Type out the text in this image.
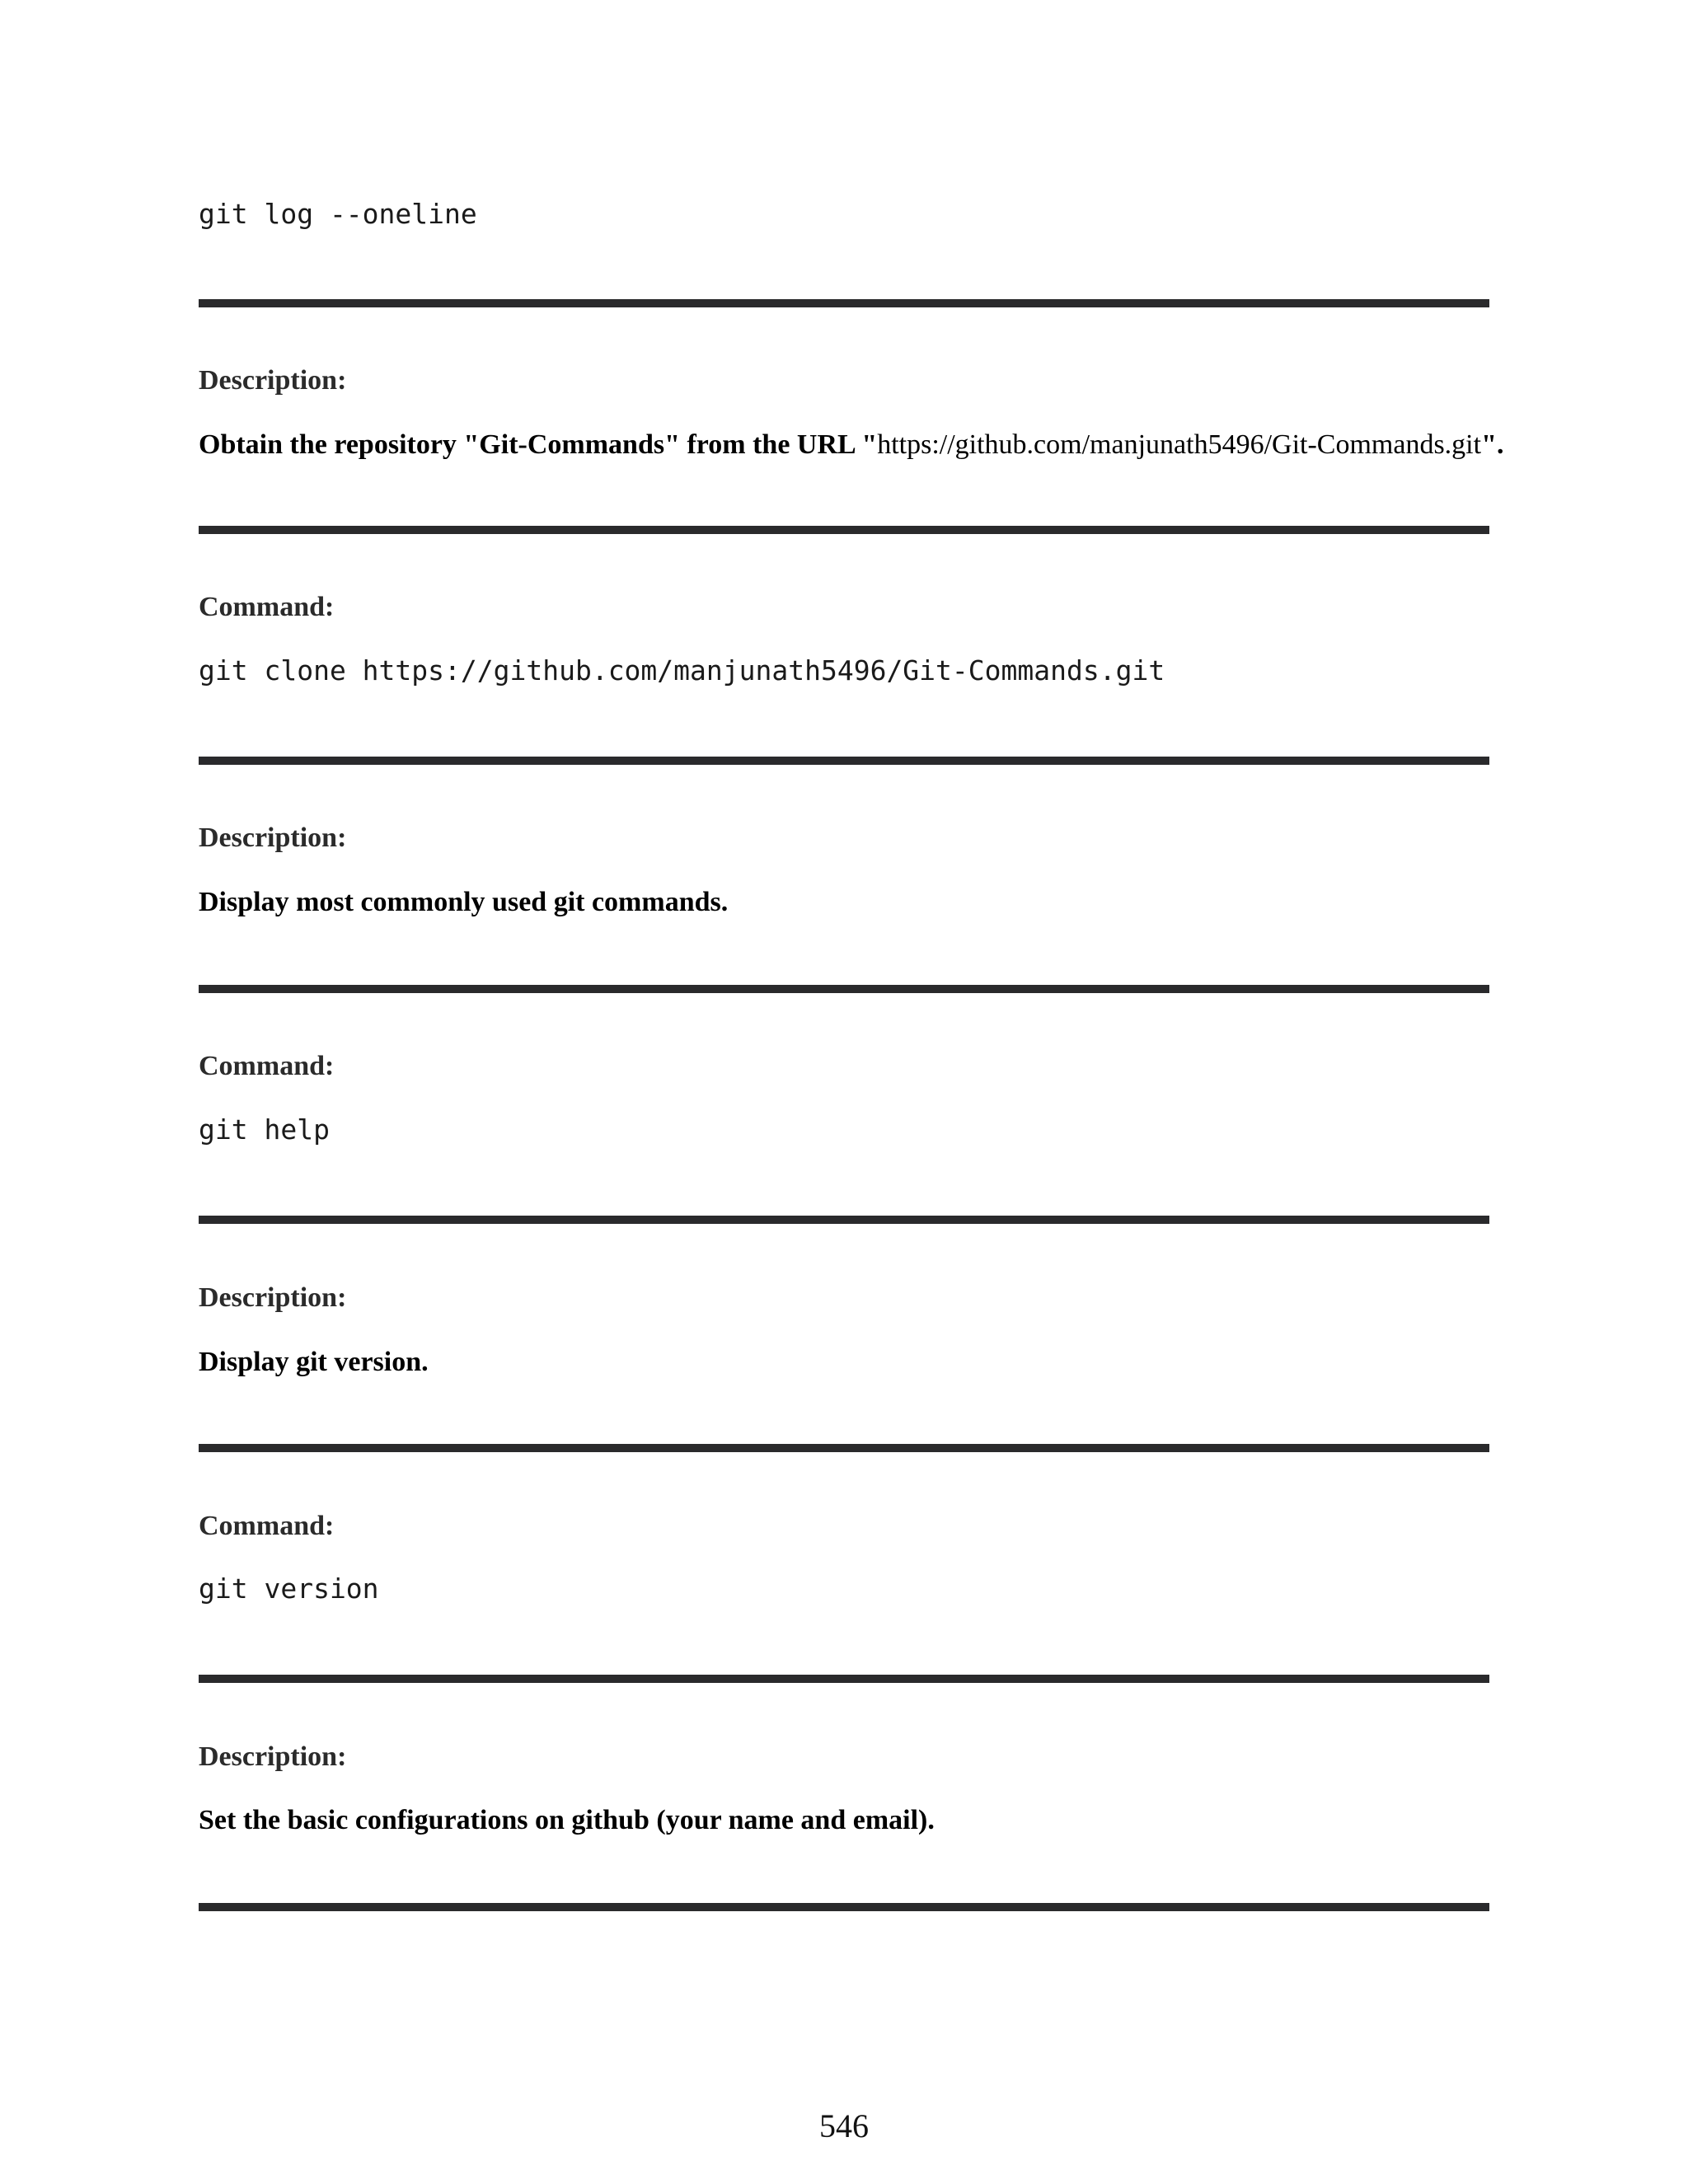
git log --oneline
Description:
Obtain the repository "Git-Commands" from the URL "https://github.com/manjunath5496/Git-Commands.git".
Command:
git clone https://github.com/manjunath5496/Git-Commands.git
Description:
Display most commonly used git commands.
Command:
git help
Description:
Display git version.
Command:
git version
Description:
Set the basic configurations on github (your name and email).
546
